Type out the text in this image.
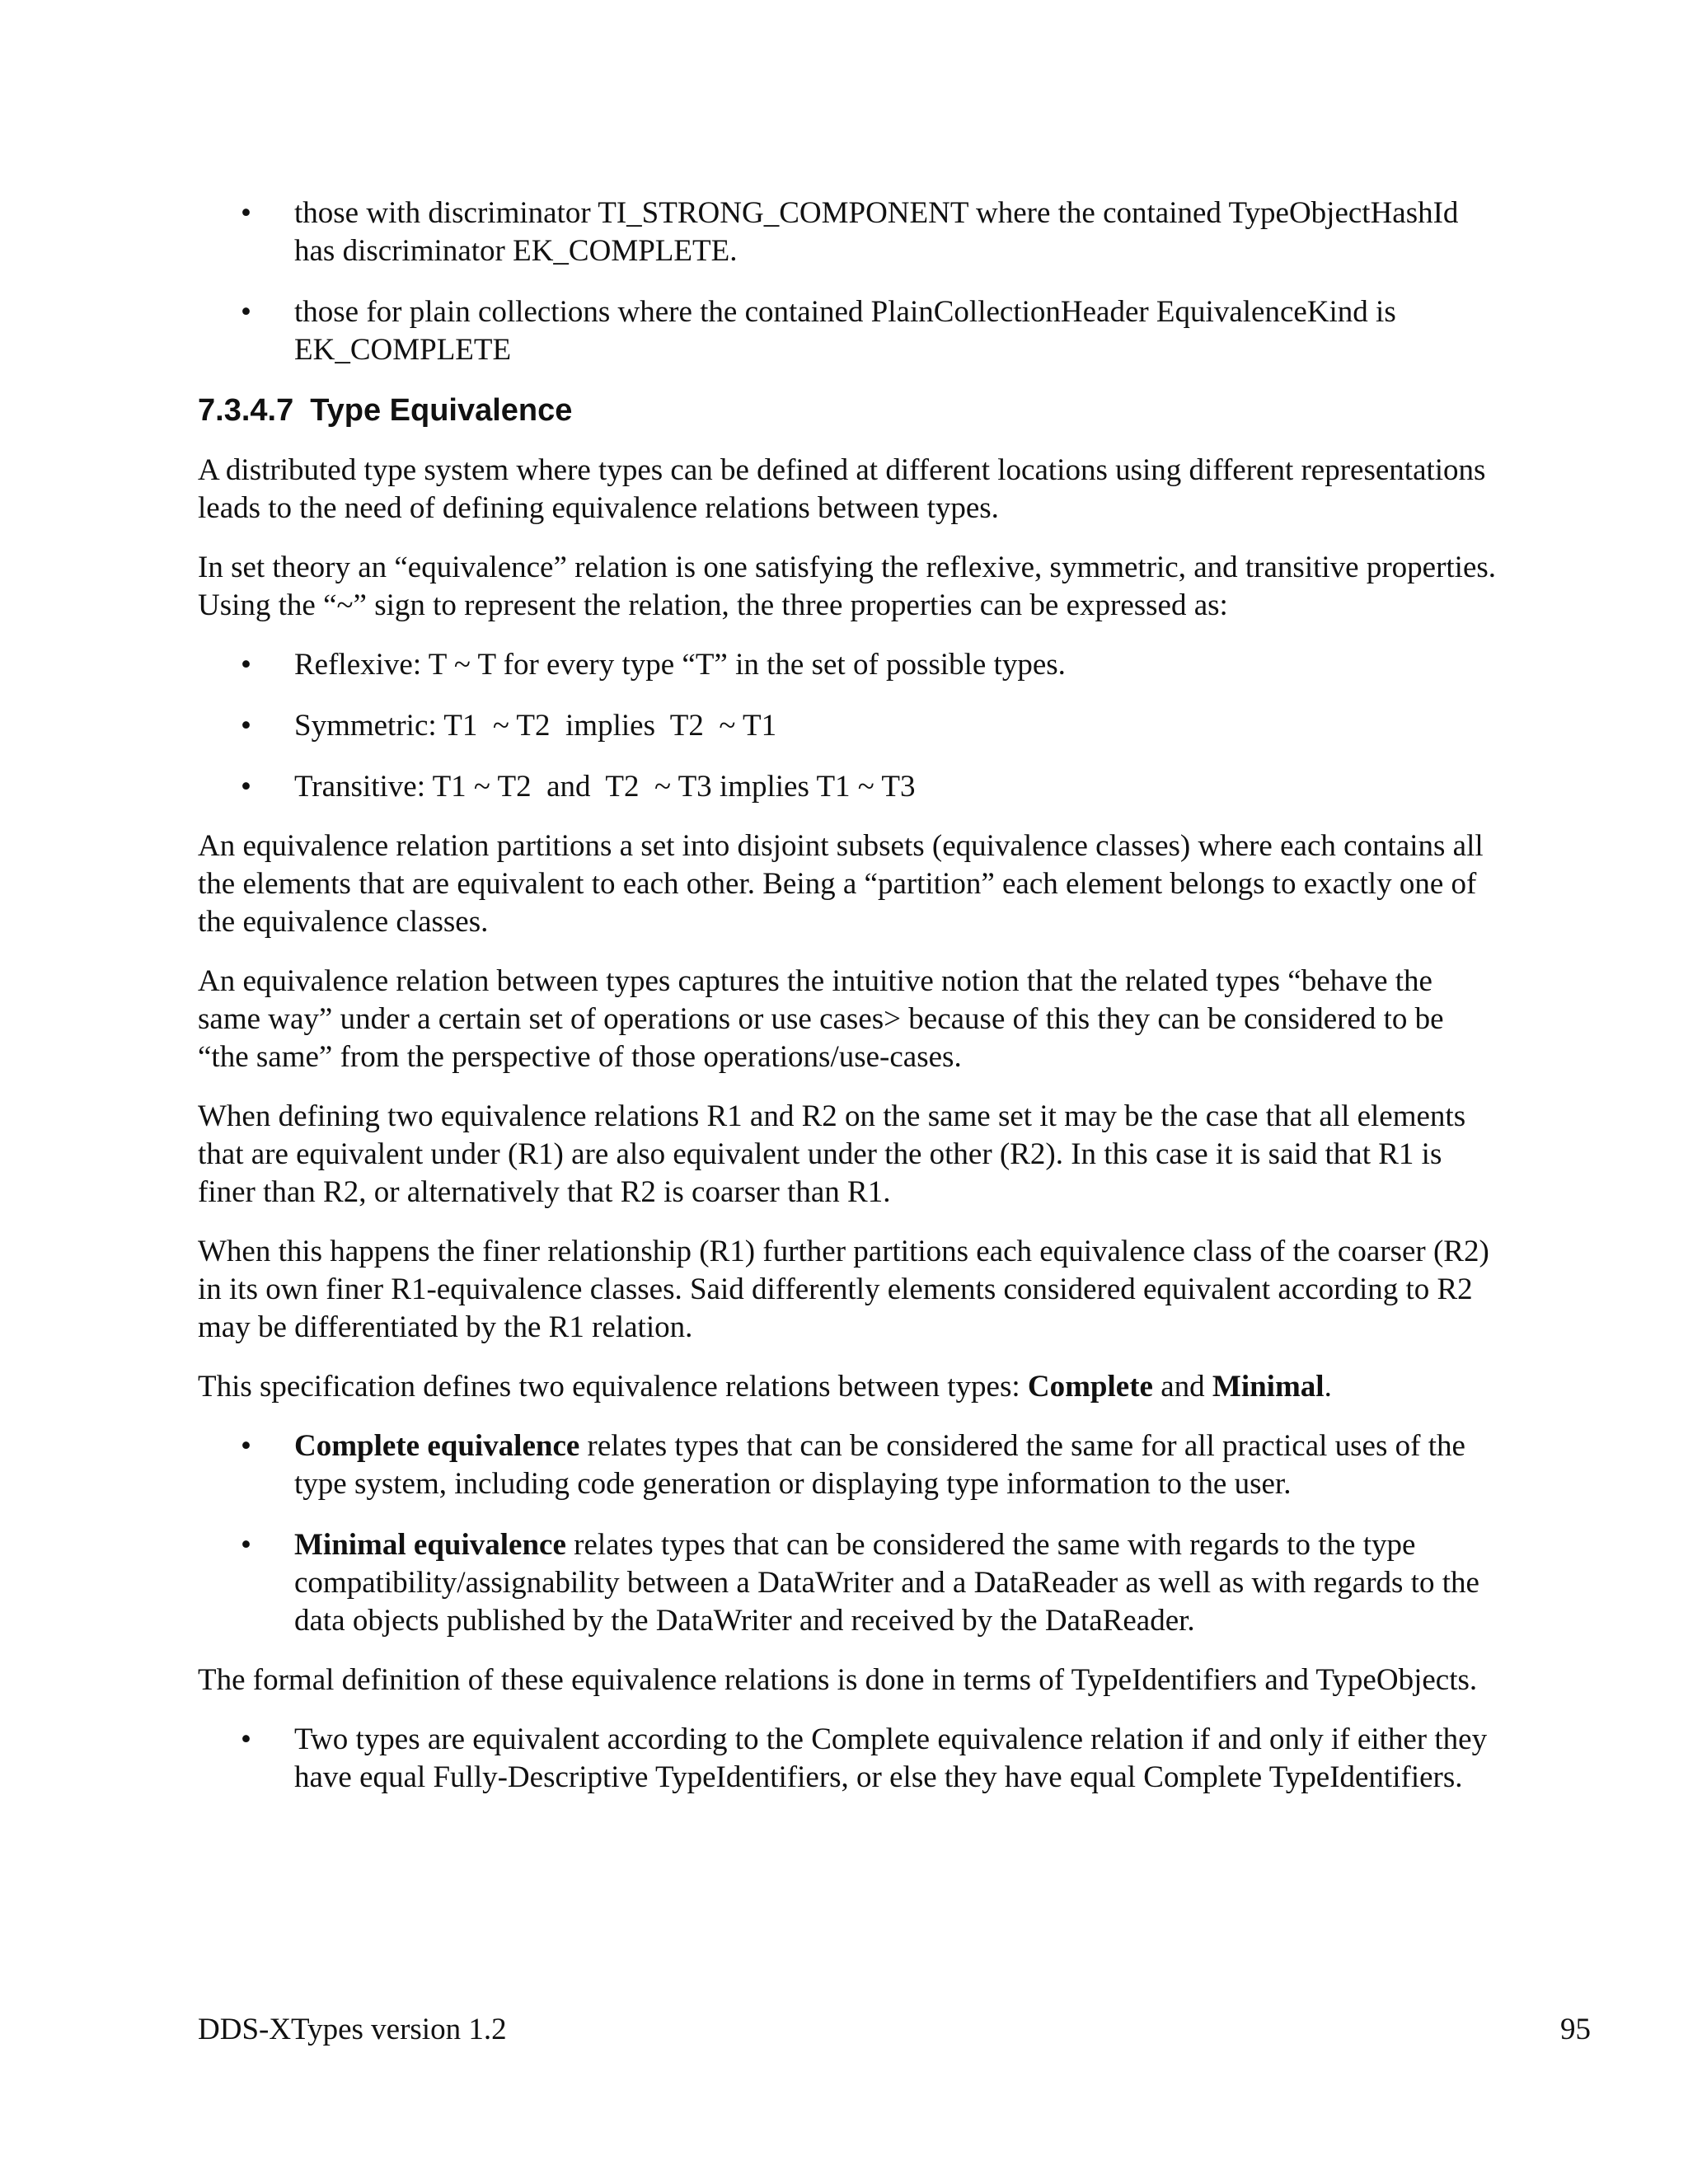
• those with discriminator TI_STRONG_COMPONENT where the contained TypeObjectHashId has discriminator EK_COMPLETE.
• those for plain collections where the contained PlainCollectionHeader EquivalenceKind is EK_COMPLETE
7.3.4.7 Type Equivalence

A distributed type system where types can be defined at different locations using different representations leads to the need of defining equivalence relations between types.

In set theory an “equivalence” relation is one satisfying the reflexive, symmetric, and transitive properties. Using the “~” sign to represent the relation, the three properties can be expressed as:

• Reflexive: T ~ T for every type “T” in the set of possible types.
• Symmetric: T1  ~ T2  implies  T2  ~ T1
• Transitive: T1 ~ T2  and  T2  ~ T3 implies T1 ~ T3

An equivalence relation partitions a set into disjoint subsets (equivalence classes) where each contains all the elements that are equivalent to each other. Being a “partition” each element belongs to exactly one of the equivalence classes.

An equivalence relation between types captures the intuitive notion that the related types “behave the same way” under a certain set of operations or use cases> because of this they can be considered to be “the same” from the perspective of those operations/use-cases.

When defining two equivalence relations R1 and R2 on the same set it may be the case that all elements that are equivalent under (R1) are also equivalent under the other (R2). In this case it is said that R1 is finer than R2, or alternatively that R2 is coarser than R1.

When this happens the finer relationship (R1) further partitions each equivalence class of the coarser (R2) in its own finer R1-equivalence classes. Said differently elements considered equivalent according to R2 may be differentiated by the R1 relation.

This specification defines two equivalence relations between types: Complete and Minimal.

• Complete equivalence relates types that can be considered the same for all practical uses of the type system, including code generation or displaying type information to the user.
• Minimal equivalence relates types that can be considered the same with regards to the type compatibility/assignability between a DataWriter and a DataReader as well as with regards to the data objects published by the DataWriter and received by the DataReader.

The formal definition of these equivalence relations is done in terms of TypeIdentifiers and TypeObjects.

• Two types are equivalent according to the Complete equivalence relation if and only if either they have equal Fully-Descriptive TypeIdentifiers, or else they have equal Complete TypeIdentifiers.
DDS-XTypes version 1.2	95
